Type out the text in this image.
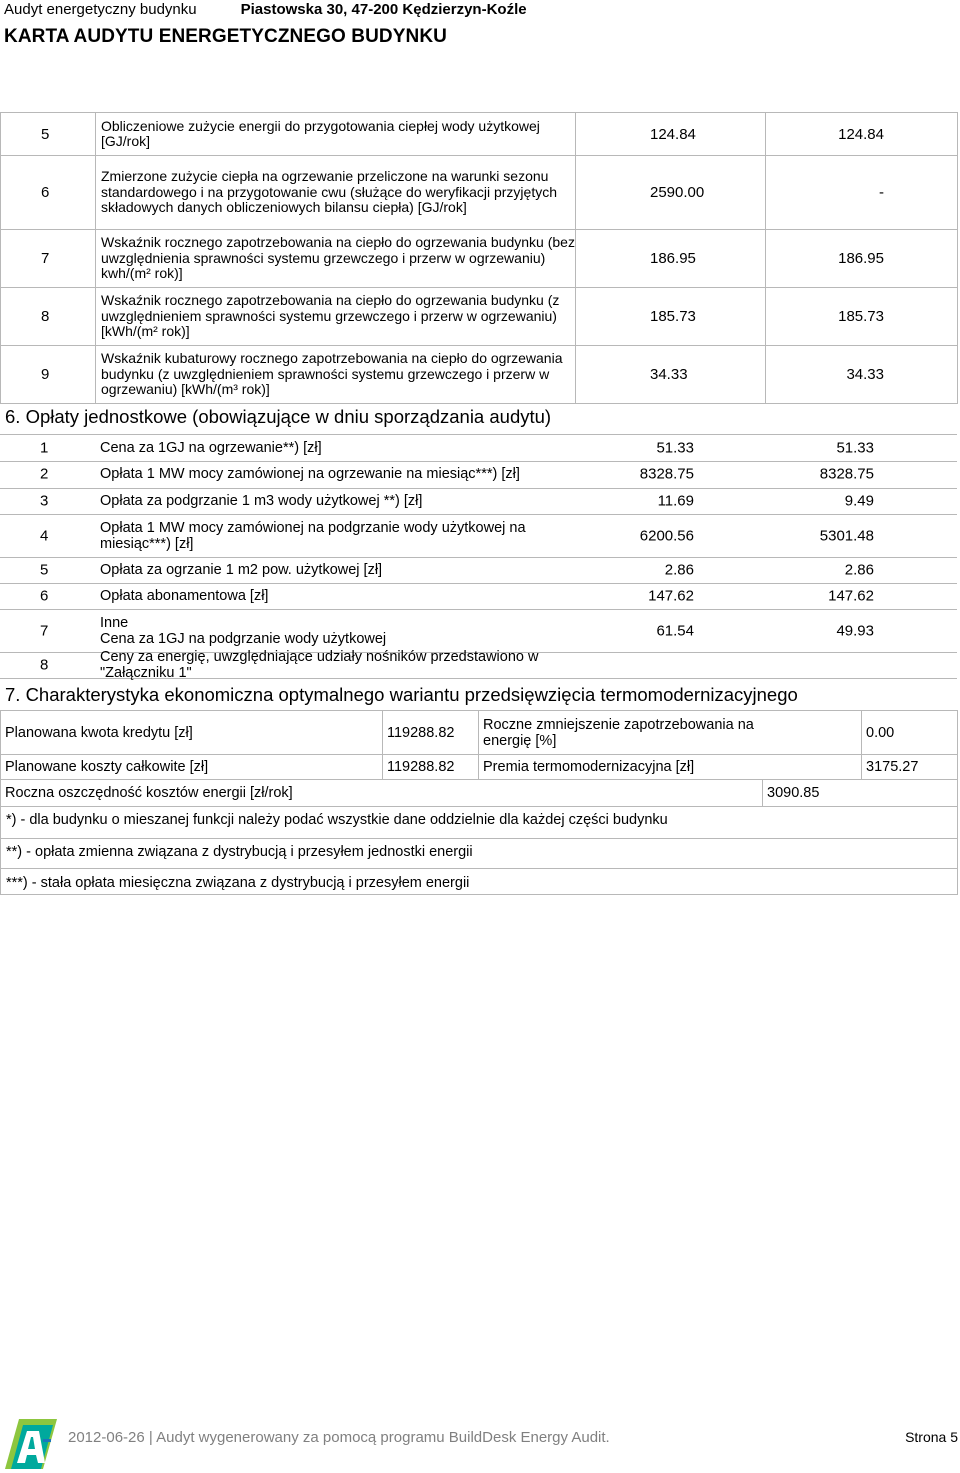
Audyt energetyczny budynku	Piastowska 30, 47-200 Kędzierzyn-Koźle
KARTA AUDYTU ENERGETYCZNEGO BUDYNKU
5	Obliczeniowe zużycie energii do przygotowania ciepłej wody użytkowej [GJ/rok]	124.84	124.84
6	Zmierzone zużycie ciepła na ogrzewanie przeliczone na warunki sezonu standardowego i na przygotowanie cwu (służące do weryfikacji przyjętych składowych danych obliczeniowych bilansu ciepła) [GJ/rok]	2590.00	-
7	Wskaźnik rocznego zapotrzebowania na ciepło do ogrzewania budynku (bez uwzględnienia sprawności systemu grzewczego i przerw w ogrzewaniu) kwh/(m² rok)]	186.95	186.95
8	Wskaźnik rocznego zapotrzebowania na ciepło do ogrzewania budynku (z uwzględnieniem sprawności systemu grzewczego i przerw w ogrzewaniu) [kWh/(m² rok)]	185.73	185.73
9	Wskaźnik kubaturowy rocznego zapotrzebowania na ciepło do ogrzewania budynku (z uwzględnieniem sprawności systemu grzewczego i przerw w ogrzewaniu) [kWh/(m³ rok)]	34.33	34.33
6. Opłaty jednostkowe (obowiązujące w dniu sporządzania audytu)
1	Cena za 1GJ na ogrzewanie**) [zł]	51.33	51.33
2	Opłata 1 MW mocy zamówionej na ogrzewanie na miesiąc***) [zł]	8328.75	8328.75
3	Opłata za podgrzanie 1 m3 wody użytkowej **) [zł]	11.69	9.49
4	Opłata 1 MW mocy zamówionej na podgrzanie wody użytkowej na miesiąc***) [zł]	6200.56	5301.48
5	Opłata za ogrzanie 1 m2 pow. użytkowej [zł]	2.86	2.86
6	Opłata abonamentowa [zł]	147.62	147.62
7	Inne
Cena za 1GJ na podgrzanie wody użytkowej	61.54	49.93
8	Ceny za energię, uwzględniające udziały nośników przedstawiono w "Załączniku 1"
7. Charakterystyka ekonomiczna optymalnego wariantu przedsięwzięcia termomodernizacyjnego
Planowana kwota kredytu [zł]	119288.82	Roczne zmniejszenie zapotrzebowania na energię [%]	0.00
Planowane koszty całkowite [zł]	119288.82	Premia termomodernizacyjna [zł]	3175.27
Roczna oszczędność kosztów energii [zł/rok]	3090.85
*) - dla budynku o mieszanej funkcji należy podać wszystkie dane oddzielnie dla każdej części budynku
**) - opłata zmienna związana z dystrybucją i przesyłem jednostki energii
***) - stała opłata miesięczna związana z dystrybucją i przesyłem energii
2012-06-26 | Audyt wygenerowany za pomocą programu BuildDesk Energy Audit.	Strona 5
